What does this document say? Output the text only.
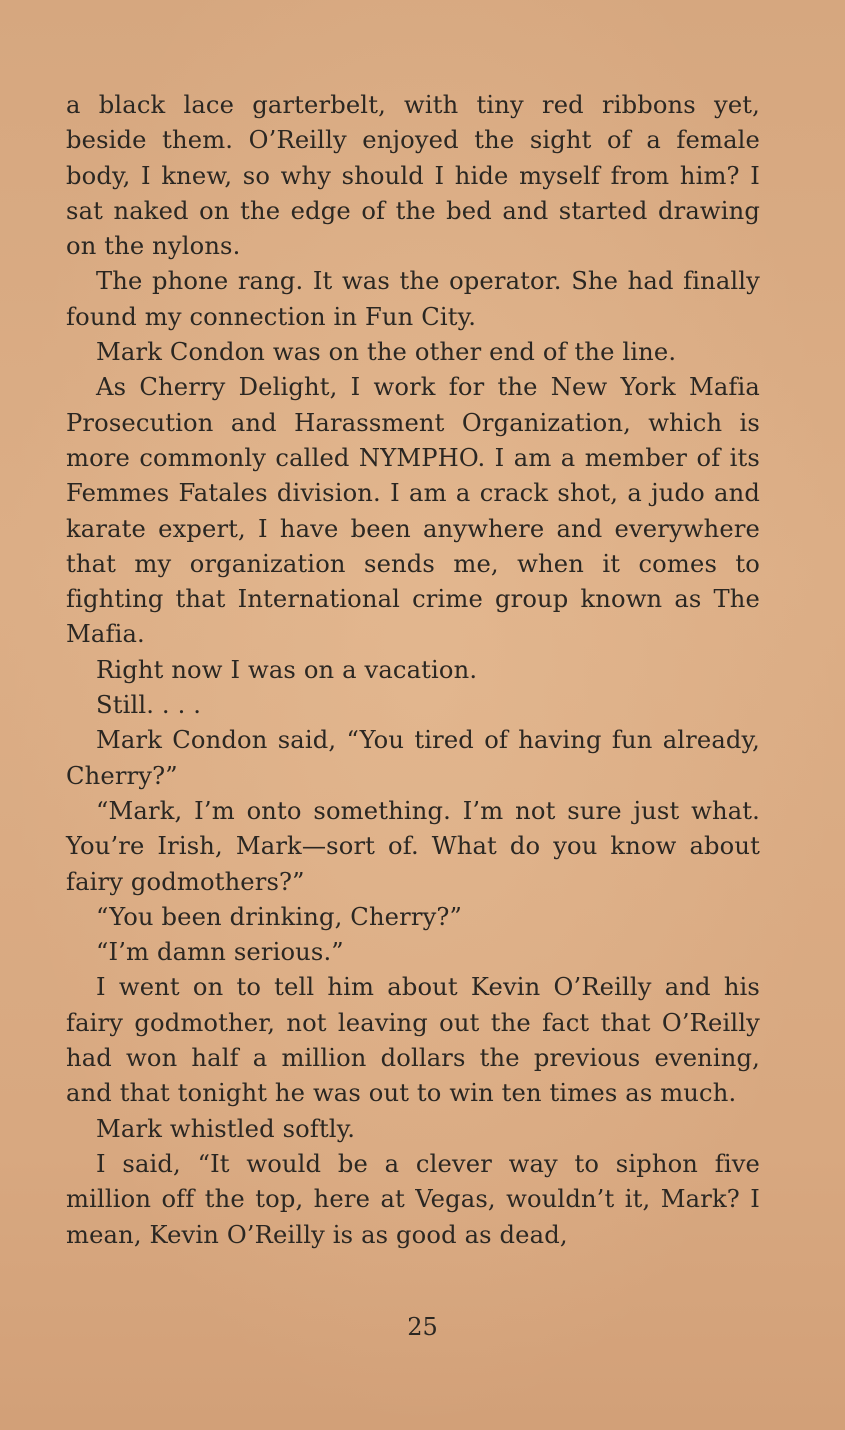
a black lace garterbelt, with tiny red ribbons yet, beside them. O’Reilly enjoyed the sight of a female body, I knew, so why should I hide myself from him? I sat naked on the edge of the bed and started drawing on the nylons.

The phone rang. It was the operator. She had finally found my connection in Fun City.

Mark Condon was on the other end of the line.

As Cherry Delight, I work for the New York Mafia Prosecution and Harassment Organization, which is more commonly called NYMPHO. I am a member of its Femmes Fatales division. I am a crack shot, a judo and karate expert, I have been anywhere and everywhere that my organization sends me, when it comes to fighting that International crime group known as The Mafia.

Right now I was on a vacation.

Still. . . .

Mark Condon said, “You tired of having fun already, Cherry?”

“Mark, I’m onto something. I’m not sure just what. You’re Irish, Mark—sort of. What do you know about fairy godmothers?”

“You been drinking, Cherry?”

“I’m damn serious.”

I went on to tell him about Kevin O’Reilly and his fairy godmother, not leaving out the fact that O’Reilly had won half a million dollars the previous evening, and that tonight he was out to win ten times as much.

Mark whistled softly.

I said, “It would be a clever way to siphon five million off the top, here at Vegas, wouldn’t it, Mark? I mean, Kevin O’Reilly is as good as dead,

25
